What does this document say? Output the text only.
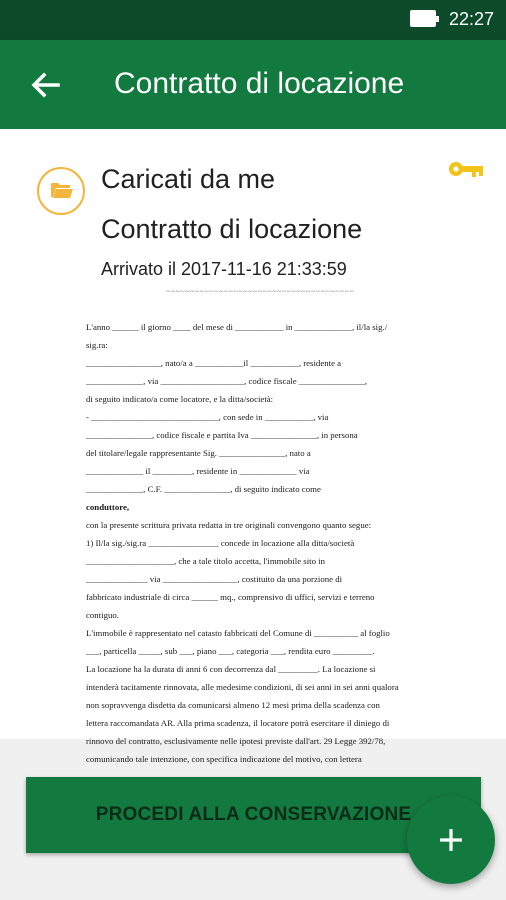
22:27
Contratto di locazione
Caricati da me
Contratto di locazione
Arrivato il 2017-11-16 21:33:59
~~~~~~~~~~~~~~~~~~~~~~~~~~~~~~~~~~~~~~~
L'anno ______ il giorno ____ del mese di ___________ in _____________, il/la sig./
sig.ra:
_________________, nato/a a ___________il ___________, residente a
_____________, via ___________________, codice fiscale _______________,
di seguito indicato/a come locatore, e la ditta/società:
- _____________________________, con sede in ___________, via
_______________, codice fiscale e partita Iva _______________, in persona
del titolare/legale rappresentante Sig. _______________, nato a
_____________ il _________, residente in _____________ via
_____________, C.F. _______________, di seguito indicato come
conduttore,
con la presente scrittura privata redatta in tre originali convengono quanto segue:
1) Il/la sig./sig.ra ________________ concede in locazione alla ditta/società
____________________, che a tale titolo accetta, l'immobile sito in
______________ via _________________, costituito da una porzione di
fabbricato industriale di circa ______ mq., comprensivo di uffici, servizi e terreno
contiguo.
L'immobile è rappresentato nel catasto fabbricati del Comune di __________ al foglio
___, particella _____, sub ___, piano ___, categoria ___, rendita euro _________.
La locazione ha la durata di anni 6 con decorrenza dal _________. La locazione si
intenderà tacitamente rinnovata, alle medesime condizioni, di sei anni in sei anni qualora
non sopravvenga disdetta da comunicarsi almeno 12 mesi prima della scadenza con
lettera raccomandata AR. Alla prima scadenza, il locatore potrà esercitare il diniego di
rinnovo del contratto, esclusivamente nelle ipotesi previste dall'art. 29 Legge 392/78,
comunicando tale intenzione, con specifica indicazione del motivo, con lettera
PROCEDI ALLA CONSERVAZIONE
